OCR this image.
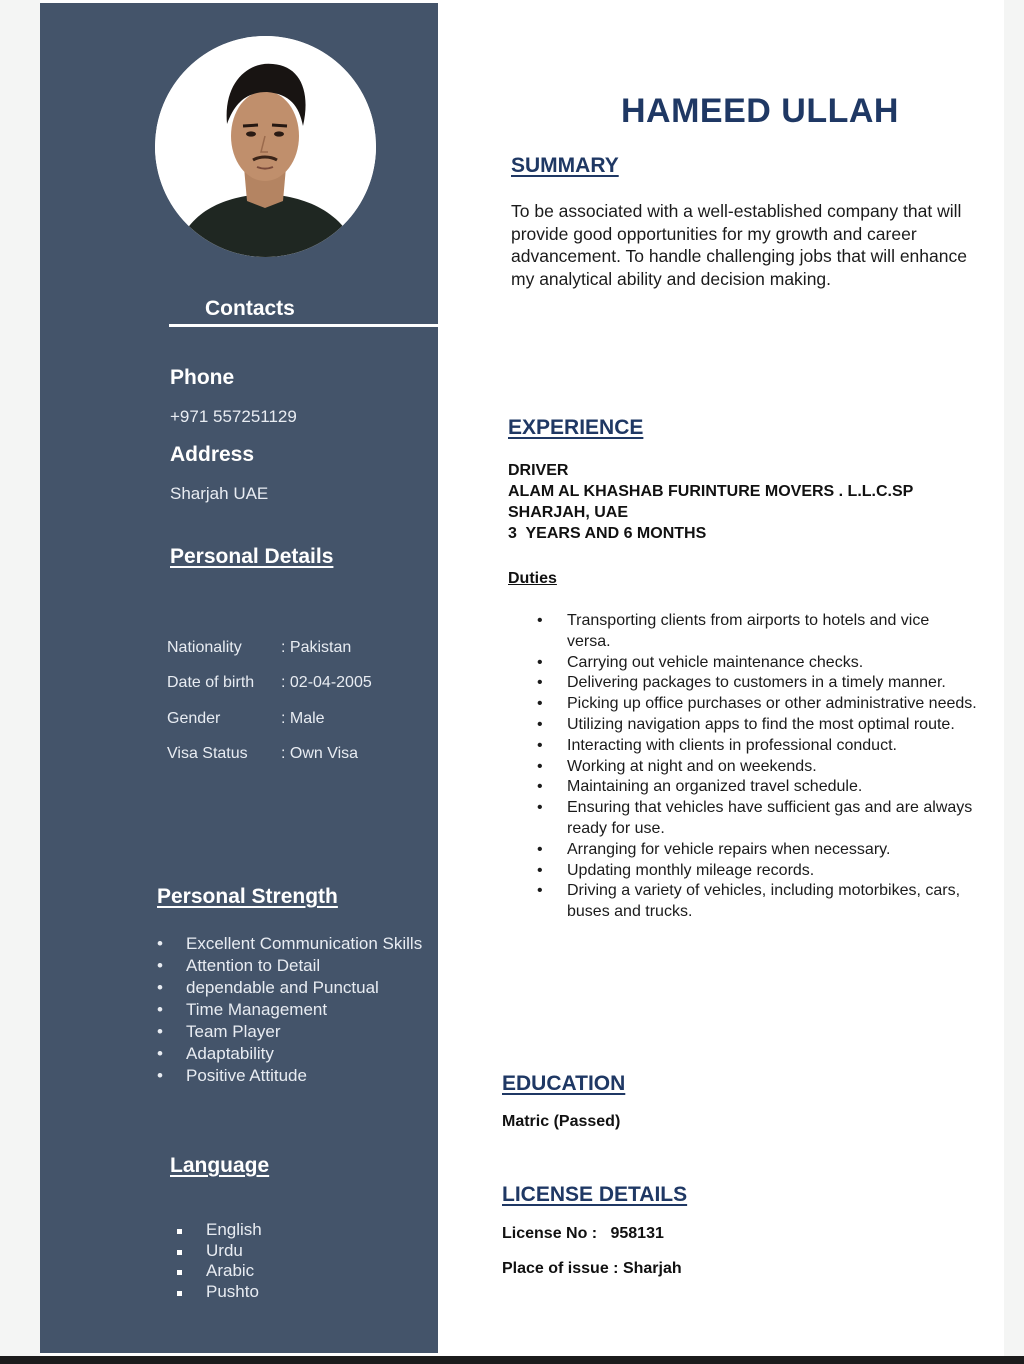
Contacts
Phone
+971 557251129
Address
Sharjah UAE
Personal Details
Nationality : Pakistan
Date of birth : 02-04-2005
Gender	: Male
Visa Status : Own Visa
Personal Strength
• Excellent Communication Skills
• Attention to Detail
• dependable and Punctual
• Time Management
• Team Player
• Adaptability
• Positive Attitude
Language
English
Urdu
Arabic
Pushto
HAMEED ULLAH
SUMMARY
To be associated with a well-established company that will provide good opportunities for my growth and career advancement. To handle challenging jobs that will enhance my analytical ability and decision making.
EXPERIENCE
DRIVER
ALAM AL KHASHAB FURINTURE MOVERS . L.L.C.SP
SHARJAH, UAE
3  YEARS AND 6 MONTHS
Duties
• Transporting clients from airports to hotels and vice versa.
• Carrying out vehicle maintenance checks.
• Delivering packages to customers in a timely manner.
• Picking up office purchases or other administrative needs.
• Utilizing navigation apps to find the most optimal route.
• Interacting with clients in professional conduct.
• Working at night and on weekends.
• Maintaining an organized travel schedule.
• Ensuring that vehicles have sufficient gas and are always ready for use.
• Arranging for vehicle repairs when necessary.
• Updating monthly mileage records.
• Driving a variety of vehicles, including motorbikes, cars, buses and trucks.
EDUCATION
Matric (Passed)
LICENSE DETAILS
License No :   958131
Place of issue : Sharjah
